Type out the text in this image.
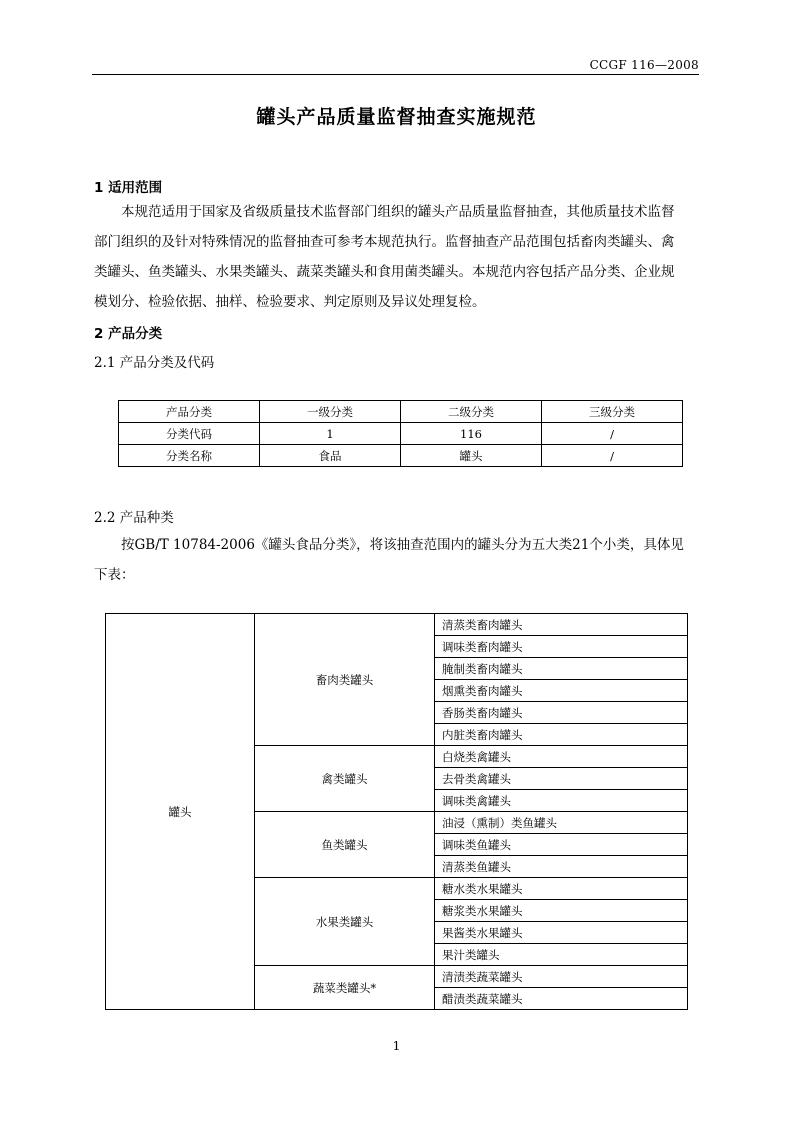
CCGF 116—2008
罐头产品质量监督抽查实施规范
1 适用范围
本规范适用于国家及省级质量技术监督部门组织的罐头产品质量监督抽查，其他质量技术监督
部门组织的及针对特殊情况的监督抽查可参考本规范执行。监督抽查产品范围包括畜肉类罐头、禽
类罐头、鱼类罐头、水果类罐头、蔬菜类罐头和食用菌类罐头。本规范内容包括产品分类、企业规
模划分、检验依据、抽样、检验要求、判定原则及异议处理复检。
2 产品分类
2.1 产品分类及代码
产品分类	一级分类	二级分类	三级分类
分类代码	1	116	/
分类名称	食品	罐头	/
2.2 产品种类
按GB/T 10784-2006《罐头食品分类》，将该抽查范围内的罐头分为五大类21个小类，具体见
下表：
罐头	畜肉类罐头	清蒸类畜肉罐头
		调味类畜肉罐头
		腌制类畜肉罐头
		烟熏类畜肉罐头
		香肠类畜肉罐头
		内脏类畜肉罐头
	禽类罐头	白烧类禽罐头
		去骨类禽罐头
		调味类禽罐头
	鱼类罐头	油浸（熏制）类鱼罐头
		调味类鱼罐头
		清蒸类鱼罐头
	水果类罐头	糖水类水果罐头
		糖浆类水果罐头
		果酱类水果罐头
		果汁类罐头
	蔬菜类罐头*	清渍类蔬菜罐头
		醋渍类蔬菜罐头
1
